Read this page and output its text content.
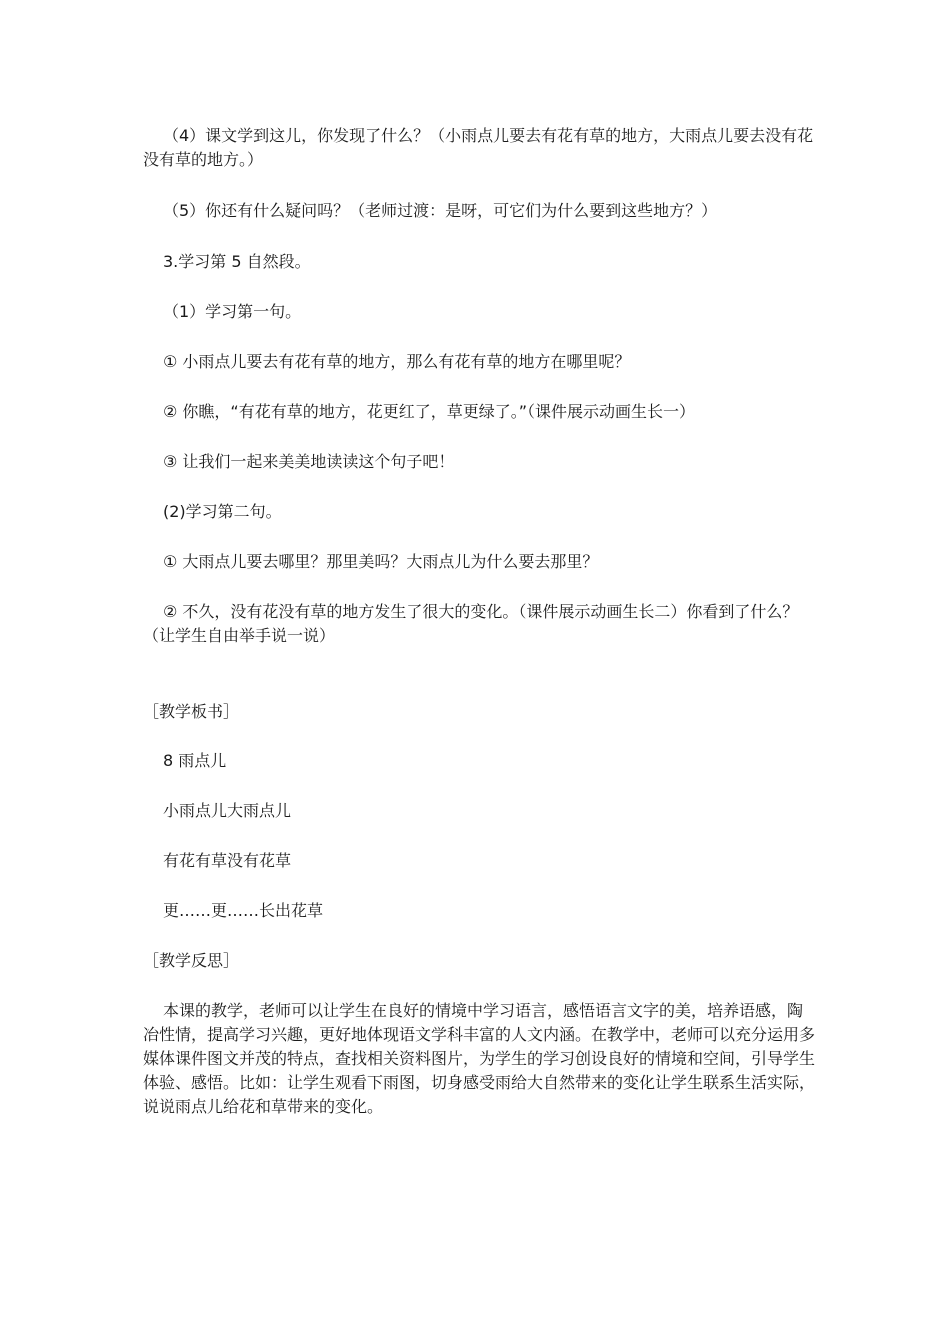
（4）课文学到这儿，你发现了什么？（小雨点儿要去有花有草的地方，大雨点儿要去没有花没有草的地方。）

（5）你还有什么疑问吗？（老师过渡：是呀，可它们为什么要到这些地方？）

3.学习第 5 自然段。

（1）学习第一句。

① 小雨点儿要去有花有草的地方，那么有花有草的地方在哪里呢？

② 你瞧，“有花有草的地方，花更红了，草更绿了。”（课件展示动画生长一）

③ 让我们一起来美美地读读这个句子吧！

(2)学习第二句。

① 大雨点儿要去哪里？那里美吗？大雨点儿为什么要去那里？

② 不久，没有花没有草的地方发生了很大的变化。（课件展示动画生长二）你看到了什么？（让学生自由举手说一说）

［教学板书］

8 雨点儿

小雨点儿大雨点儿

有花有草没有花草

更……更……长出花草

［教学反思］

本课的教学，老师可以让学生在良好的情境中学习语言，感悟语言文字的美，培养语感，陶冶性情，提高学习兴趣，更好地体现语文学科丰富的人文内涵。在教学中，老师可以充分运用多媒体课件图文并茂的特点，查找相关资料图片，为学生的学习创设良好的情境和空间，引导学生体验、感悟。比如：让学生观看下雨图，切身感受雨给大自然带来的变化让学生联系生活实际，说说雨点儿给花和草带来的变化。
